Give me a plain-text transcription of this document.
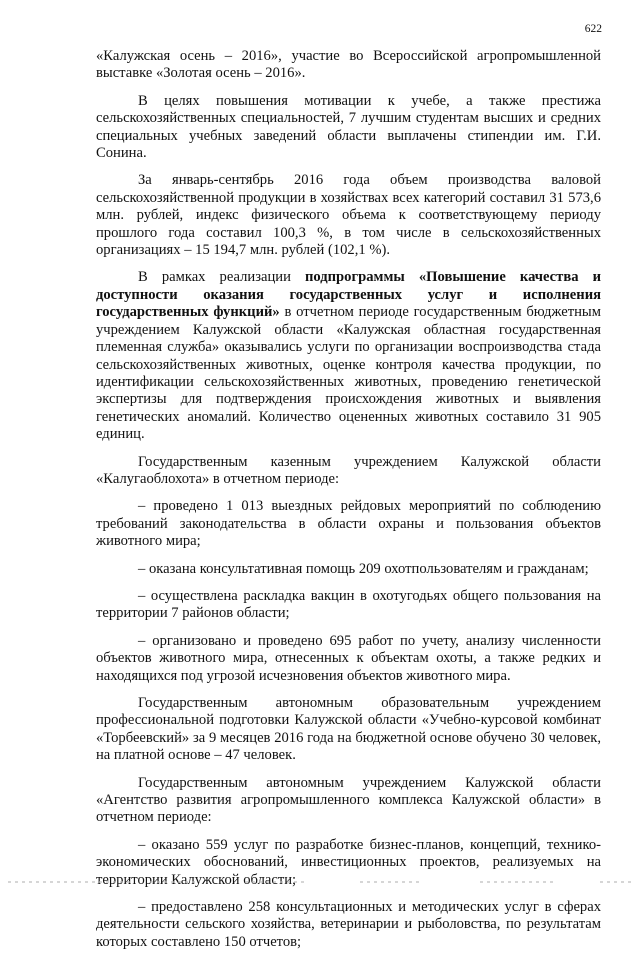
622

«Калужская осень – 2016», участие во Всероссийской агропромышленной выставке «Золотая осень – 2016».

В целях повышения мотивации к учебе, а также престижа сельскохозяйственных специальностей, 7 лучшим студентам высших и средних специальных учебных заведений области выплачены стипендии им. Г.И. Сонина.

За январь-сентябрь 2016 года объем производства валовой сельскохозяйственной продукции в хозяйствах всех категорий составил 31 573,6 млн. рублей, индекс физического объема к соответствующему периоду прошлого года составил 100,3 %, в том числе в сельскохозяйственных организациях – 15 194,7 млн. рублей (102,1 %).

В рамках реализации подпрограммы «Повышение качества и доступности оказания государственных услуг и исполнения государственных функций» в отчетном периоде государственным бюджетным учреждением Калужской области «Калужская областная государственная племенная служба» оказывались услуги по организации воспроизводства стада сельскохозяйственных животных, оценке контроля качества продукции, по идентификации сельскохозяйственных животных, проведению генетической экспертизы для подтверждения происхождения животных и выявления генетических аномалий. Количество оцененных животных составило 31 905 единиц.

Государственным казенным учреждением Калужской области «Калугаоблохота» в отчетном периоде:

– проведено 1 013 выездных рейдовых мероприятий по соблюдению требований законодательства в области охраны и пользования объектов животного мира;

– оказана консультативная помощь 209 охотпользователям и гражданам;

– осуществлена раскладка вакцин в охотугодьях общего пользования на территории 7 районов области;

– организовано и проведено 695 работ по учету, анализу численности объектов животного мира, отнесенных к объектам охоты, а также редких и находящихся под угрозой исчезновения объектов животного мира.

Государственным автономным образовательным учреждением профессиональной подготовки Калужской области «Учебно-курсовой комбинат «Торбеевский» за 9 месяцев 2016 года на бюджетной основе обучено 30 человек, на платной основе – 47 человек.

Государственным автономным учреждением Калужской области «Агентство развития агропромышленного комплекса Калужской области» в отчетном периоде:

– оказано 559 услуг по разработке бизнес-планов, концепций, технико-экономических обоснований, инвестиционных проектов, реализуемых на территории Калужской области;

– предоставлено 258 консультационных и методических услуг в сферах деятельности сельского хозяйства, ветеринарии и рыболовства, по результатам которых составлено 150 отчетов;
